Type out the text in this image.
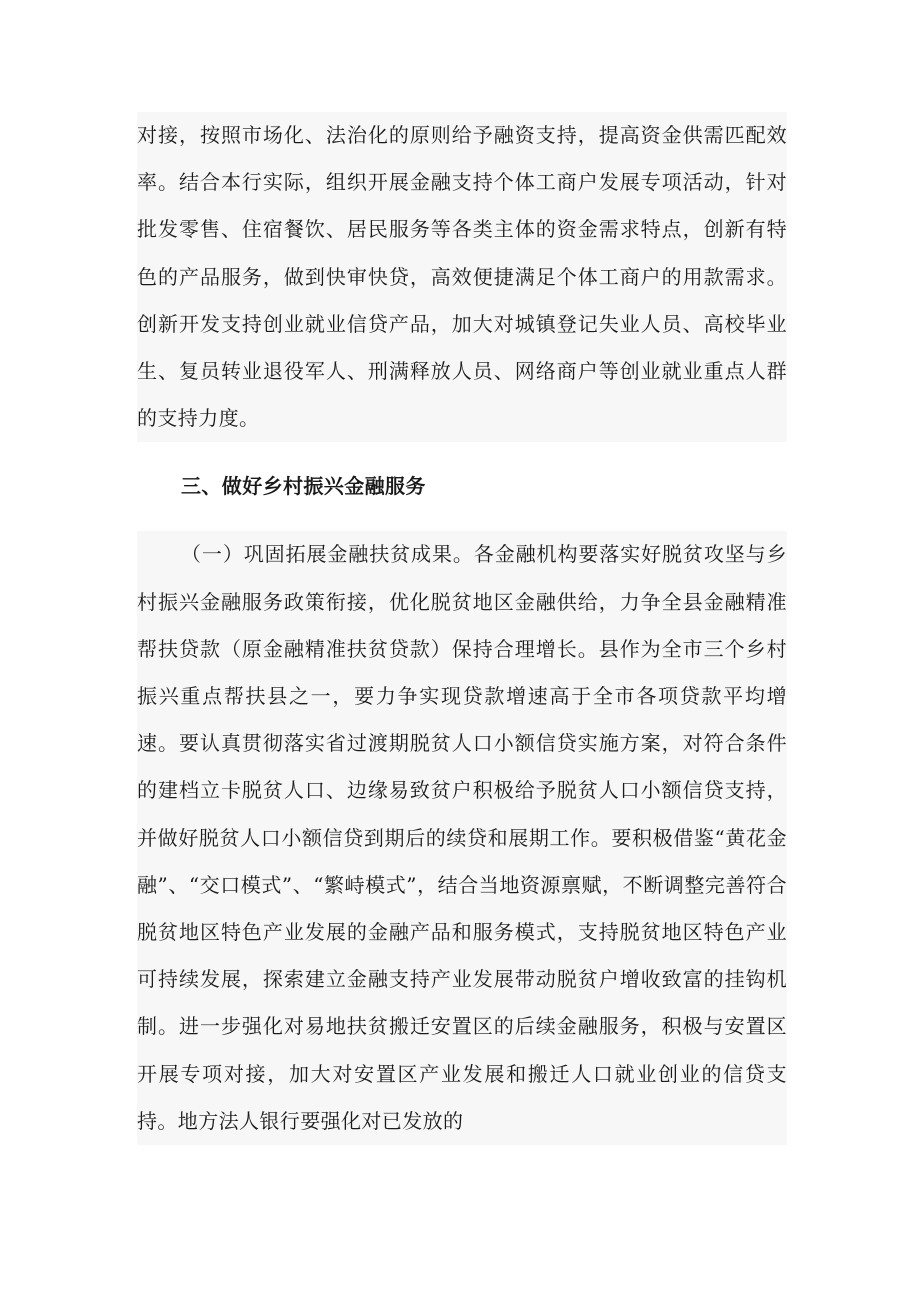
对接，按照市场化、法治化的原则给予融资支持，提高资金供需匹配效率。结合本行实际，组织开展金融支持个体工商户发展专项活动，针对批发零售、住宿餐饮、居民服务等各类主体的资金需求特点，创新有特色的产品服务，做到快审快贷，高效便捷满足个体工商户的用款需求。创新开发支持创业就业信贷产品，加大对城镇登记失业人员、高校毕业生、复员转业退役军人、刑满释放人员、网络商户等创业就业重点人群的支持力度。

三、做好乡村振兴金融服务

（一）巩固拓展金融扶贫成果。各金融机构要落实好脱贫攻坚与乡村振兴金融服务政策衔接，优化脱贫地区金融供给，力争全县金融精准帮扶贷款（原金融精准扶贫贷款）保持合理增长。县作为全市三个乡村振兴重点帮扶县之一，要力争实现贷款增速高于全市各项贷款平均增速。要认真贯彻落实省过渡期脱贫人口小额信贷实施方案，对符合条件的建档立卡脱贫人口、边缘易致贫户积极给予脱贫人口小额信贷支持，并做好脱贫人口小额信贷到期后的续贷和展期工作。要积极借鉴“黄花金融”、“交口模式”、“繁峙模式”，结合当地资源禀赋，不断调整完善符合脱贫地区特色产业发展的金融产品和服务模式，支持脱贫地区特色产业可持续发展，探索建立金融支持产业发展带动脱贫户增收致富的挂钩机制。进一步强化对易地扶贫搬迁安置区的后续金融服务，积极与安置区开展专项对接，加大对安置区产业发展和搬迁人口就业创业的信贷支持。地方法人银行要强化对已发放的
